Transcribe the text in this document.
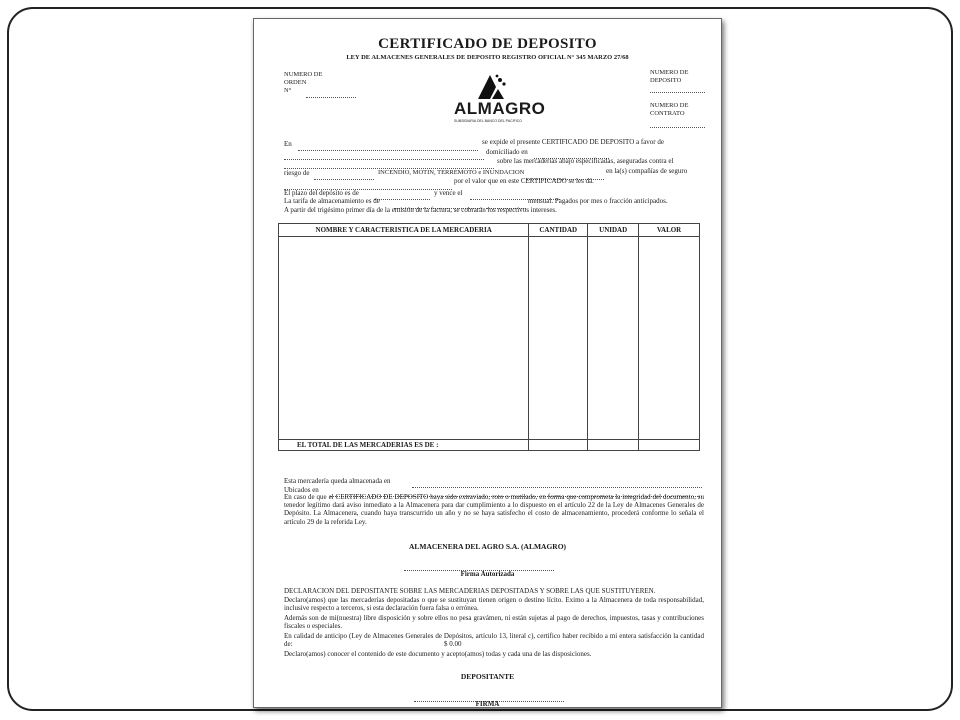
CERTIFICADO DE DEPOSITO
LEY DE ALMACENES GENERALES DE DEPOSITO REGISTRO OFICIAL N° 345 MARZO 27/68
NUMERO DE
ORDEN
N°
NUMERO DE
DEPOSITO
NUMERO DE
CONTRATO
ALMAGRO
SUBSIDIARIA DEL BANCO DEL PACIFICO
En	se expide el presente CERTIFICADO DE DEPOSITO a favor de
domiciliado en
sobre las mercaderías abajo especificadas, aseguradas contra el
riesgo de	INCENDIO, MOTIN, TERREMOTO e INUNDACION	en la(s) compañías de seguro
por el valor que en este CERTIFICADO se les dá.
El plazo del depósito es de	y vence el
La tarifa de almacenamiento es de	mensual. Pagados por mes o fracción anticipados.
A partir del trigésimo primer día de la emisión de la factura, se cobrarán los respectivos intereses.
NOMBRE Y CARACTERISTICA DE LA MERCADERIA	CANTIDAD	UNIDAD	VALOR

EL TOTAL DE LAS MERCADERIAS ES DE :			
Esta mercadería queda almacenada en
Ubicados en
En caso de que el CERTIFICADO DE DEPOSITO haya sido extraviado, roto o mutilado, en forma que comprometa la integridad del documento, su tenedor legítimo dará aviso inmediato a la Almacenera para dar cumplimiento a lo dispuesto en el artículo 22 de la Ley de Almacenes Generales de Depósito. La Almacenera, cuando haya transcurrido un año y no se haya satisfecho el costo de almacenamiento, procederá conforme lo señala el artículo 29 de la referida Ley.
ALMACENERA DEL AGRO S.A. (ALMAGRO)
Firma Autorizada
DECLARACION DEL DEPOSITANTE SOBRE LAS MERCADERIAS DEPOSITADAS Y SOBRE LAS QUE SUSTITUYEREN.
Declaro(amos) que las mercaderías depositadas o que se sustituyan tienen origen o destino lícito. Eximo a la Almacenera de toda responsabilidad, inclusive respecto a terceros, si esta declaración fuera falsa o errónea.
Además son de mi(nuestra) libre disposición y sobre ellos no pesa gravámen, ni están sujetas al pago de derechos, impuestos, tasas y contribuciones fiscales o especiales.
En calidad de anticipo (Ley de Almacenes Generales de Depósitos, artículo 13, literal c), certifico haber recibido a mi entera satisfacción la cantidad de:	$ 0.00
Declaro(amos) conocer el contenido de este documento y acepto(amos) todas y cada una de las disposiciones.
DEPOSITANTE
FIRMA
